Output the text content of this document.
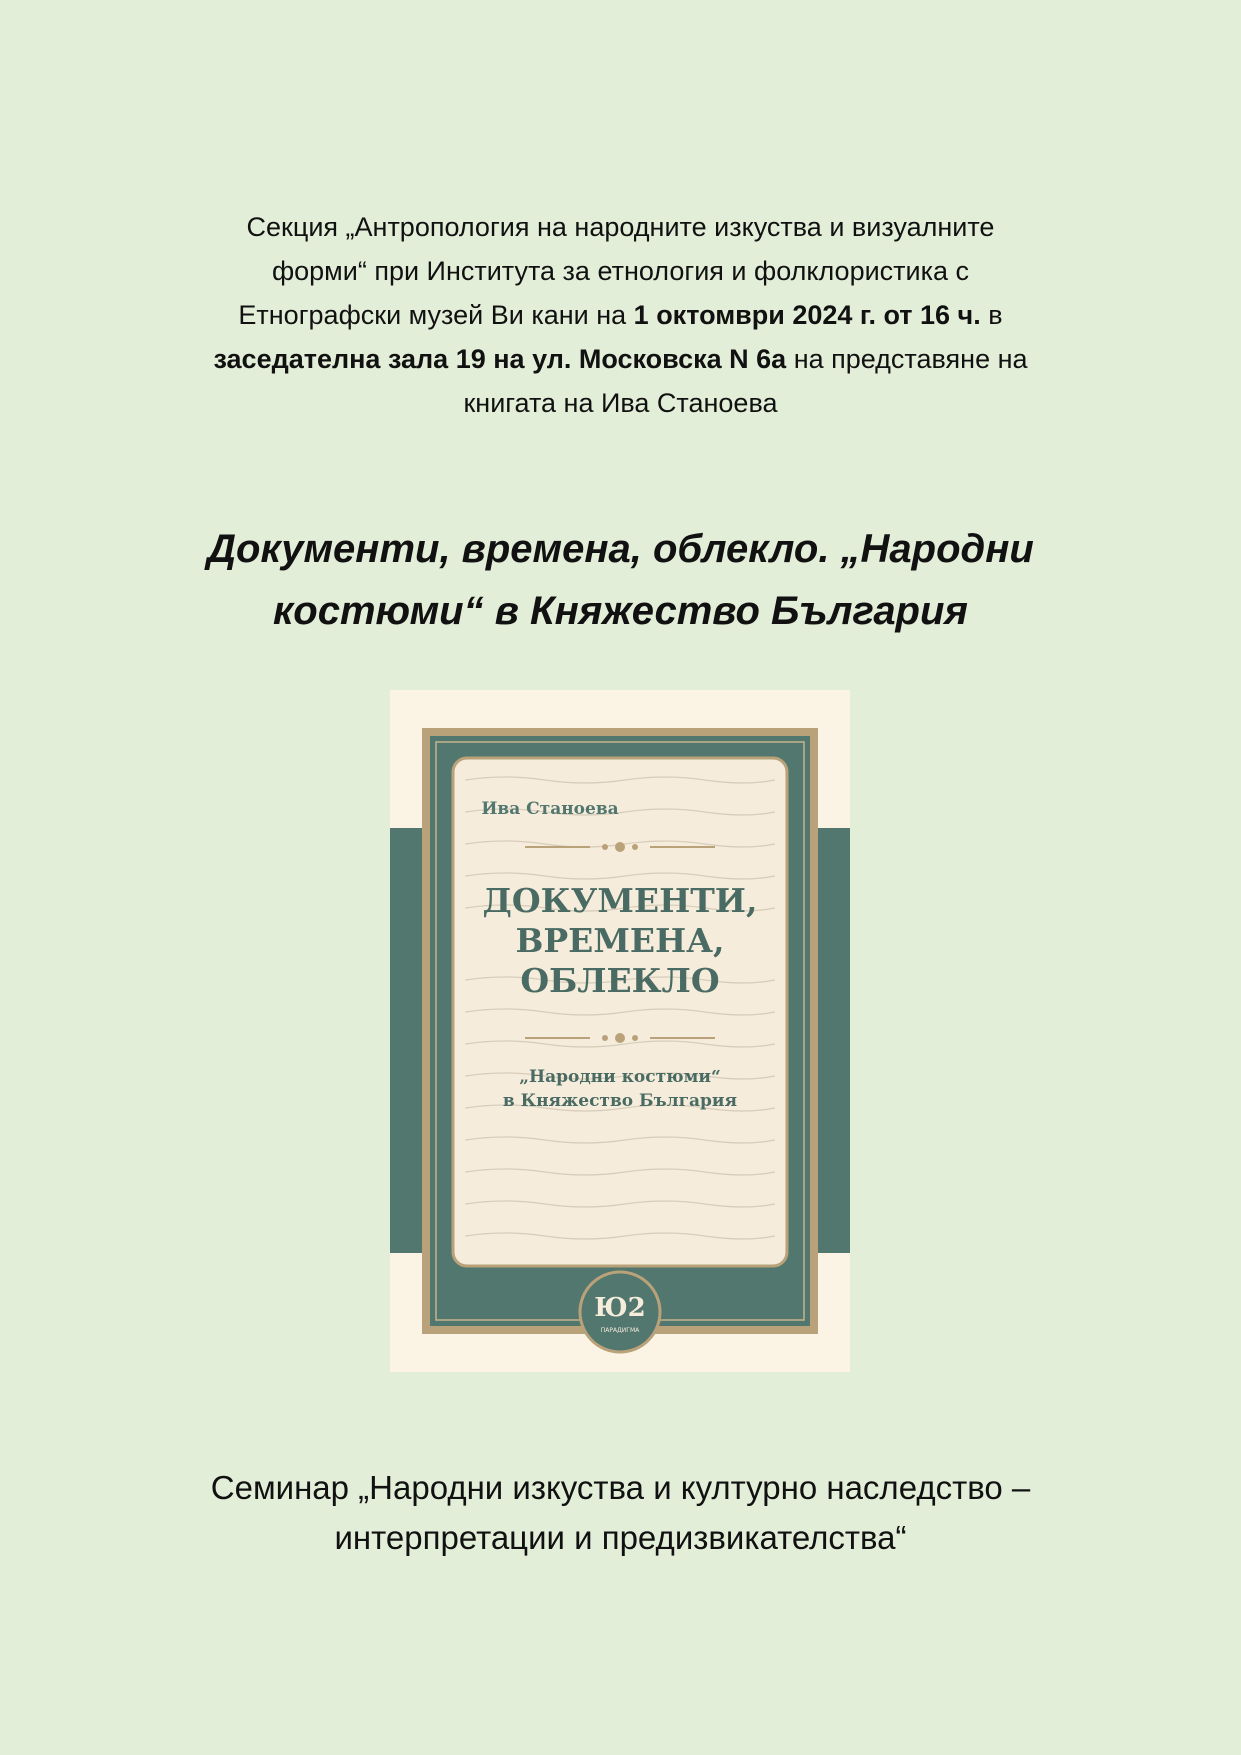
Секция „Антропология на народните изкуства и визуалните
форми“ при Института за етнология и фолклористика с
Етнографски музей Ви кани на 1 октомври 2024 г. от 16 ч. в
заседателна зала 19 на ул. Московска N 6а на представяне на
книгата на Ива Станоева
Документи, времена, облекло. „Народни
костюми“ в Княжество България
Ива Станоева
ДОКУМЕНТИ,
ВРЕМЕНА,
ОБЛЕКЛО
„Народни костюми“
в Княжество България
Ю2
ПАРАДИГМА
Семинар „Народни изкуства и културно наследство –
интерпретации и предизвикателства“
